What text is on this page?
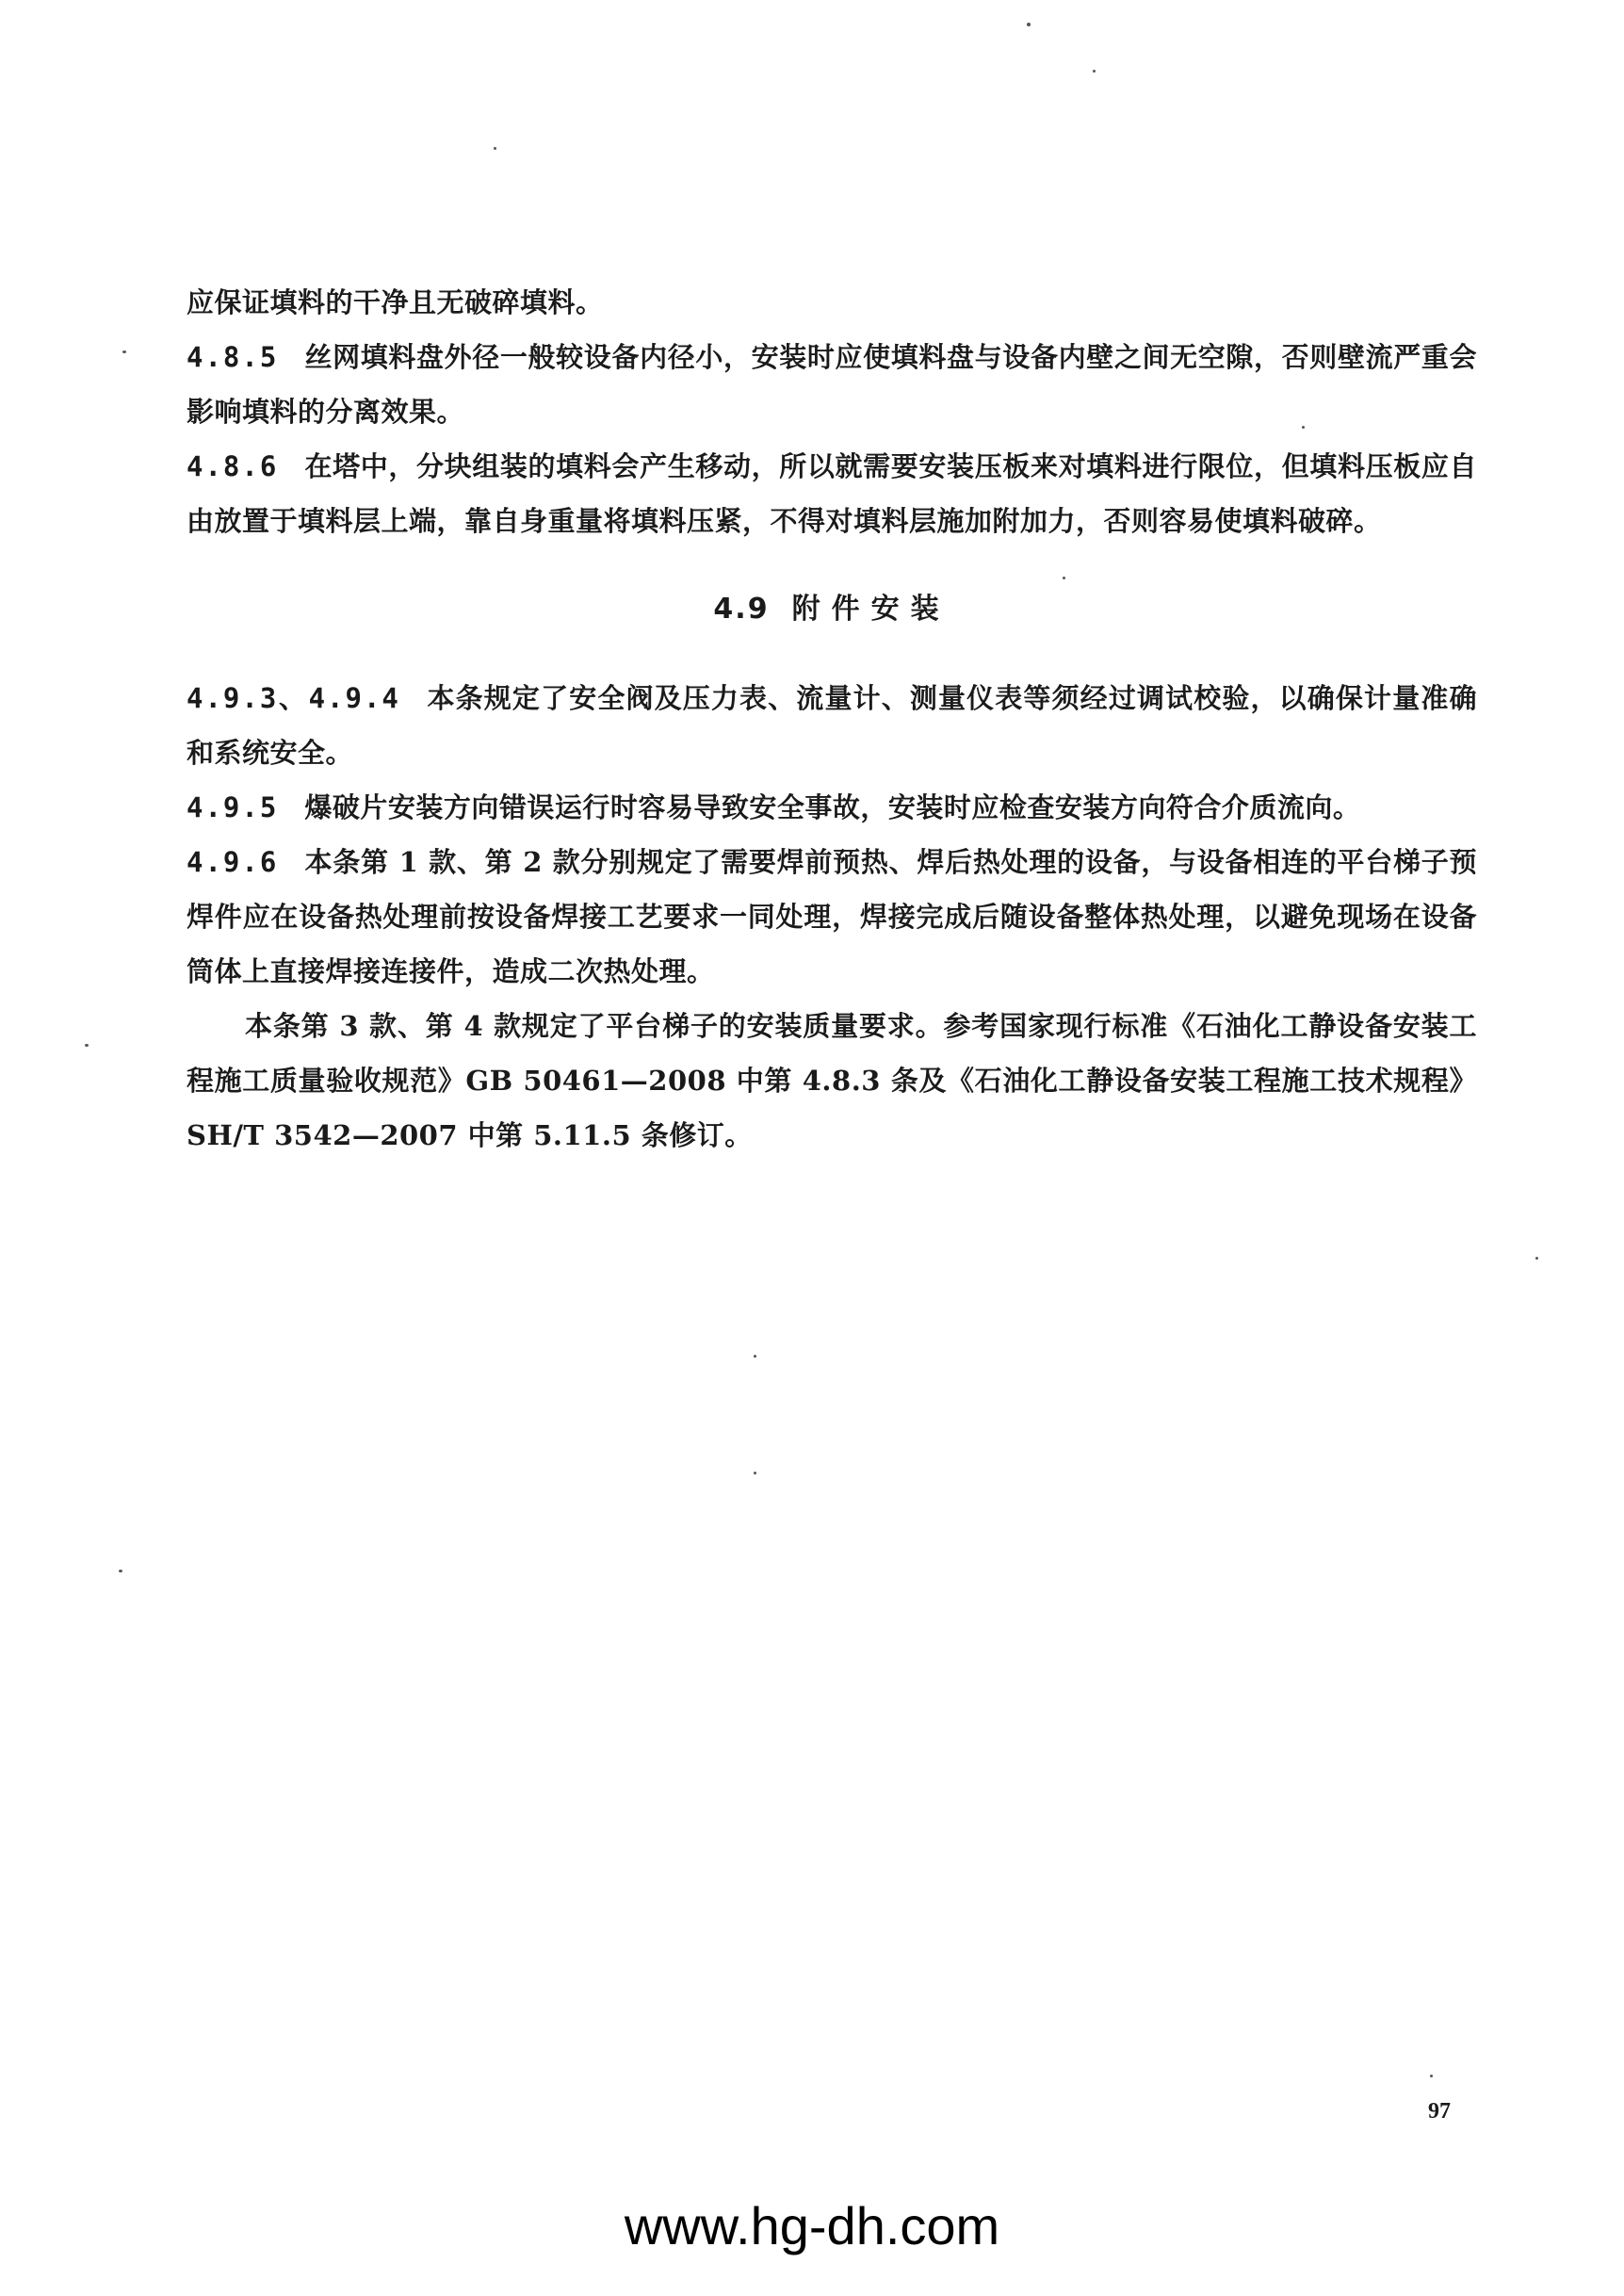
应保证填料的干净且无破碎填料。

4.8.5 丝网填料盘外径一般较设备内径小，安装时应使填料盘与设备内壁之间无空隙，否则壁流严重会影响填料的分离效果。

4.8.6 在塔中，分块组装的填料会产生移动，所以就需要安装压板来对填料进行限位，但填料压板应自由放置于填料层上端，靠自身重量将填料压紧，不得对填料层施加附加力，否则容易使填料破碎。

4.9 附件安装

4.9.3、4.9.4 本条规定了安全阀及压力表、流量计、测量仪表等须经过调试校验，以确保计量准确和系统安全。

4.9.5 爆破片安装方向错误运行时容易导致安全事故，安装时应检查安装方向符合介质流向。

4.9.6 本条第 1 款、第 2 款分别规定了需要焊前预热、焊后热处理的设备，与设备相连的平台梯子预焊件应在设备热处理前按设备焊接工艺要求一同处理，焊接完成后随设备整体热处理，以避免现场在设备筒体上直接焊接连接件，造成二次热处理。

本条第 3 款、第 4 款规定了平台梯子的安装质量要求。参考国家现行标准《石油化工静设备安装工程施工质量验收规范》GB 50461—2008 中第 4.8.3 条及《石油化工静设备安装工程施工技术规程》SH/T 3542—2007 中第 5.11.5 条修订。

97
www.hg-dh.com
